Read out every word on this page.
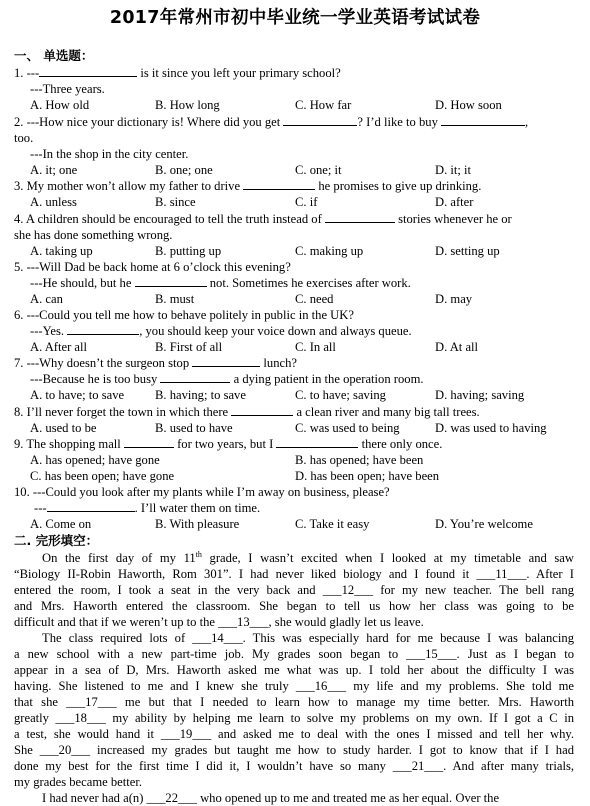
2017年常州市初中毕业统一学业英语考试试卷
一、 单选题：
1. ---	is it since you left your primary school?
---Three years.
A. How old	B. How long	C. How far	D. How soon
2. ---How nice your dictionary is! Where did you get	? I’d like to buy	,
too.
---In the shop in the city center.
A. it; one	B. one; one	C. one; it	D. it; it
3. My mother won’t allow my father to drive	he promises to give up drinking.
A. unless	B. since	C. if	D. after
4. A children should be encouraged to tell the truth instead of	stories whenever he or
she has done something wrong.
A. taking up	B. putting up	C. making up	D. setting up
5. ---Will Dad be back home at 6 o’clock this evening?
---He should, but he	not. Sometimes he exercises after work.
A. can	B. must	C. need	D. may
6. ---Could you tell me how to behave politely in public in the UK?
---Yes.	, you should keep your voice down and always queue.
A. After all	B. First of all	C. In all	D. At all
7. ---Why doesn’t the surgeon stop	lunch?
---Because he is too busy	a dying patient in the operation room.
A. to have; to save B. having; to save	C. to have; saving	D. having; saving
8. I’ll never forget the town in which there	a clean river and many big tall trees.
A. used to be	B. used to have	C. was used to being	D. was used to having
9. The shopping mall	for two years, but I	there only once.
A. has opened; have gone	B. has opened; have been
C. has been open; have gone	D. has been open; have been
10. ---Could you look after my plants while I’m away on business, please?
---	. I’ll water them on time.
A. Come on	B. With pleasure	C. Take it easy	D. You’re welcome
二. 完形填空：
On the first day of my 11th grade, I wasn’t excited when I looked at my timetable and saw
“Biology II-Robin Haworth, Rom 301”. I had never liked biology and I found it ___11___. After I
entered the room, I took a seat in the very back and ___12___ for my new teacher. The bell rang
and Mrs. Haworth entered the classroom. She began to tell us how her class was going to be
difficult and that if we weren’t up to the ___13___, she would gladly let us leave.
The class required lots of ___14___. This was especially hard for me because I was balancing
a new school with a new part-time job. My grades soon began to ___15___. Just as I began to
appear in a sea of D, Mrs. Haworth asked me what was up. I told her about the difficulty I was
having. She listened to me and I knew she truly ___16___ my life and my problems. She told me
that she ___17___ me but that I needed to learn how to manage my time better. Mrs. Haworth
greatly ___18___ my ability by helping me learn to solve my problems on my own. If I got a C in
a test, she would hand it ___19___ and asked me to deal with the ones I missed and tell her why.
She ___20___ increased my grades but taught me how to study harder. I got to know that if I had
done my best for the first time I did it, I wouldn’t have so many ___21___. And after many trials,
my grades became better.
I had never had a(n) ___22___ who opened up to me and treated me as her equal. Over the
